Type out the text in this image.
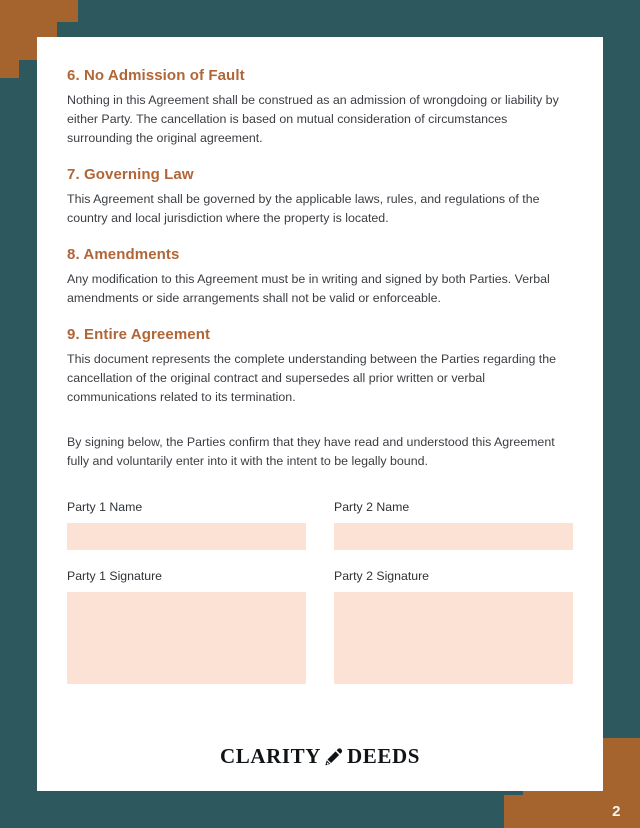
2
6. No Admission of Fault

Nothing in this Agreement shall be construed as an admission of wrongdoing or liability by either Party. The cancellation is based on mutual consideration of circumstances surrounding the original agreement.

7. Governing Law

This Agreement shall be governed by the applicable laws, rules, and regulations of the country and local jurisdiction where the property is located.

8. Amendments

Any modification to this Agreement must be in writing and signed by both Parties. Verbal amendments or side arrangements shall not be valid or enforceable.

9. Entire Agreement

This document represents the complete understanding between the Parties regarding the cancellation of the original contract and supersedes all prior written or verbal communications related to its termination.

By signing below, the Parties confirm that they have read and understood this Agreement fully and voluntarily enter into it with the intent to be legally bound.

Party 1 Name	Party 2 Name
Party 1 Signature	Party 2 Signature
CLARITY DEEDS
